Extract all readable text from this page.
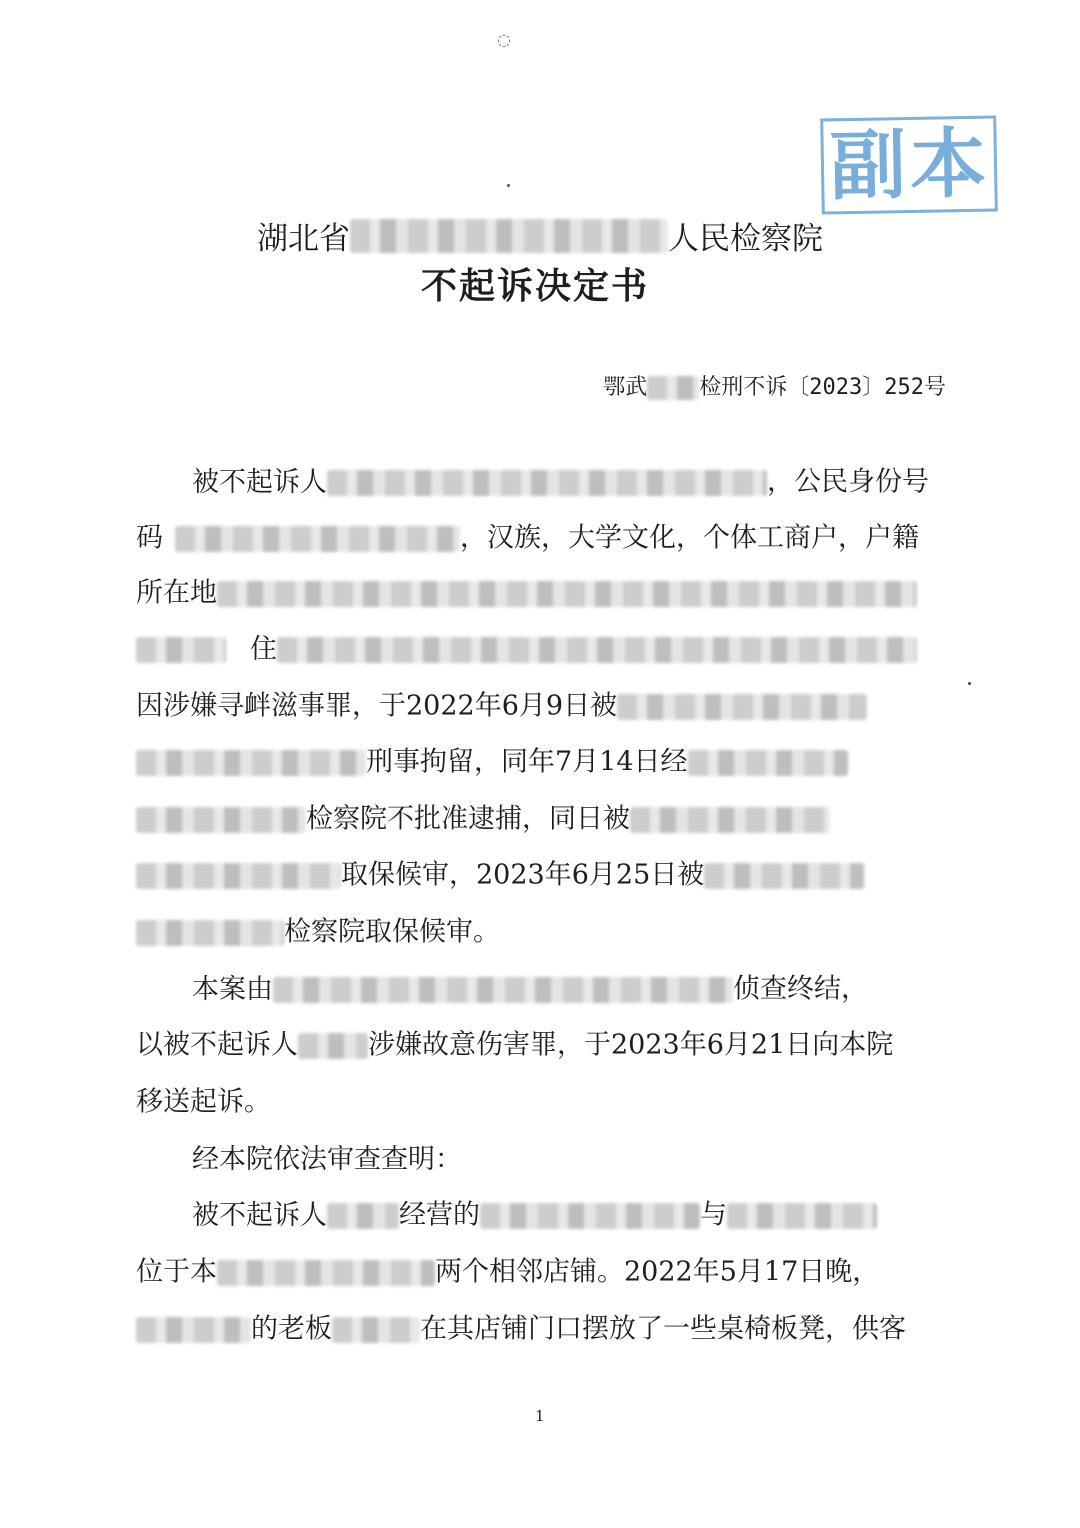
◌
副本
湖北省	人民检察院
不起诉决定书
鄂武 检刑不诉〔2023〕252号
被不起诉人	，公民身份号
码	，汉族，大学文化，个体工商户，户籍
所在地
住
因涉嫌寻衅滋事罪，于2022年6月9日被
刑事拘留，同年7月14日经
检察院不批准逮捕，同日被
取保候审，2023年6月25日被
检察院取保候审。
本案由	侦查终结，
以被不起诉人	涉嫌故意伤害罪，于2023年6月21日向本院
移送起诉。
经本院依法审查查明：
被不起诉人	经营的	与
位于本	两个相邻店铺。2022年5月17日晚，
的老板	在其店铺门口摆放了一些桌椅板凳，供客
1
